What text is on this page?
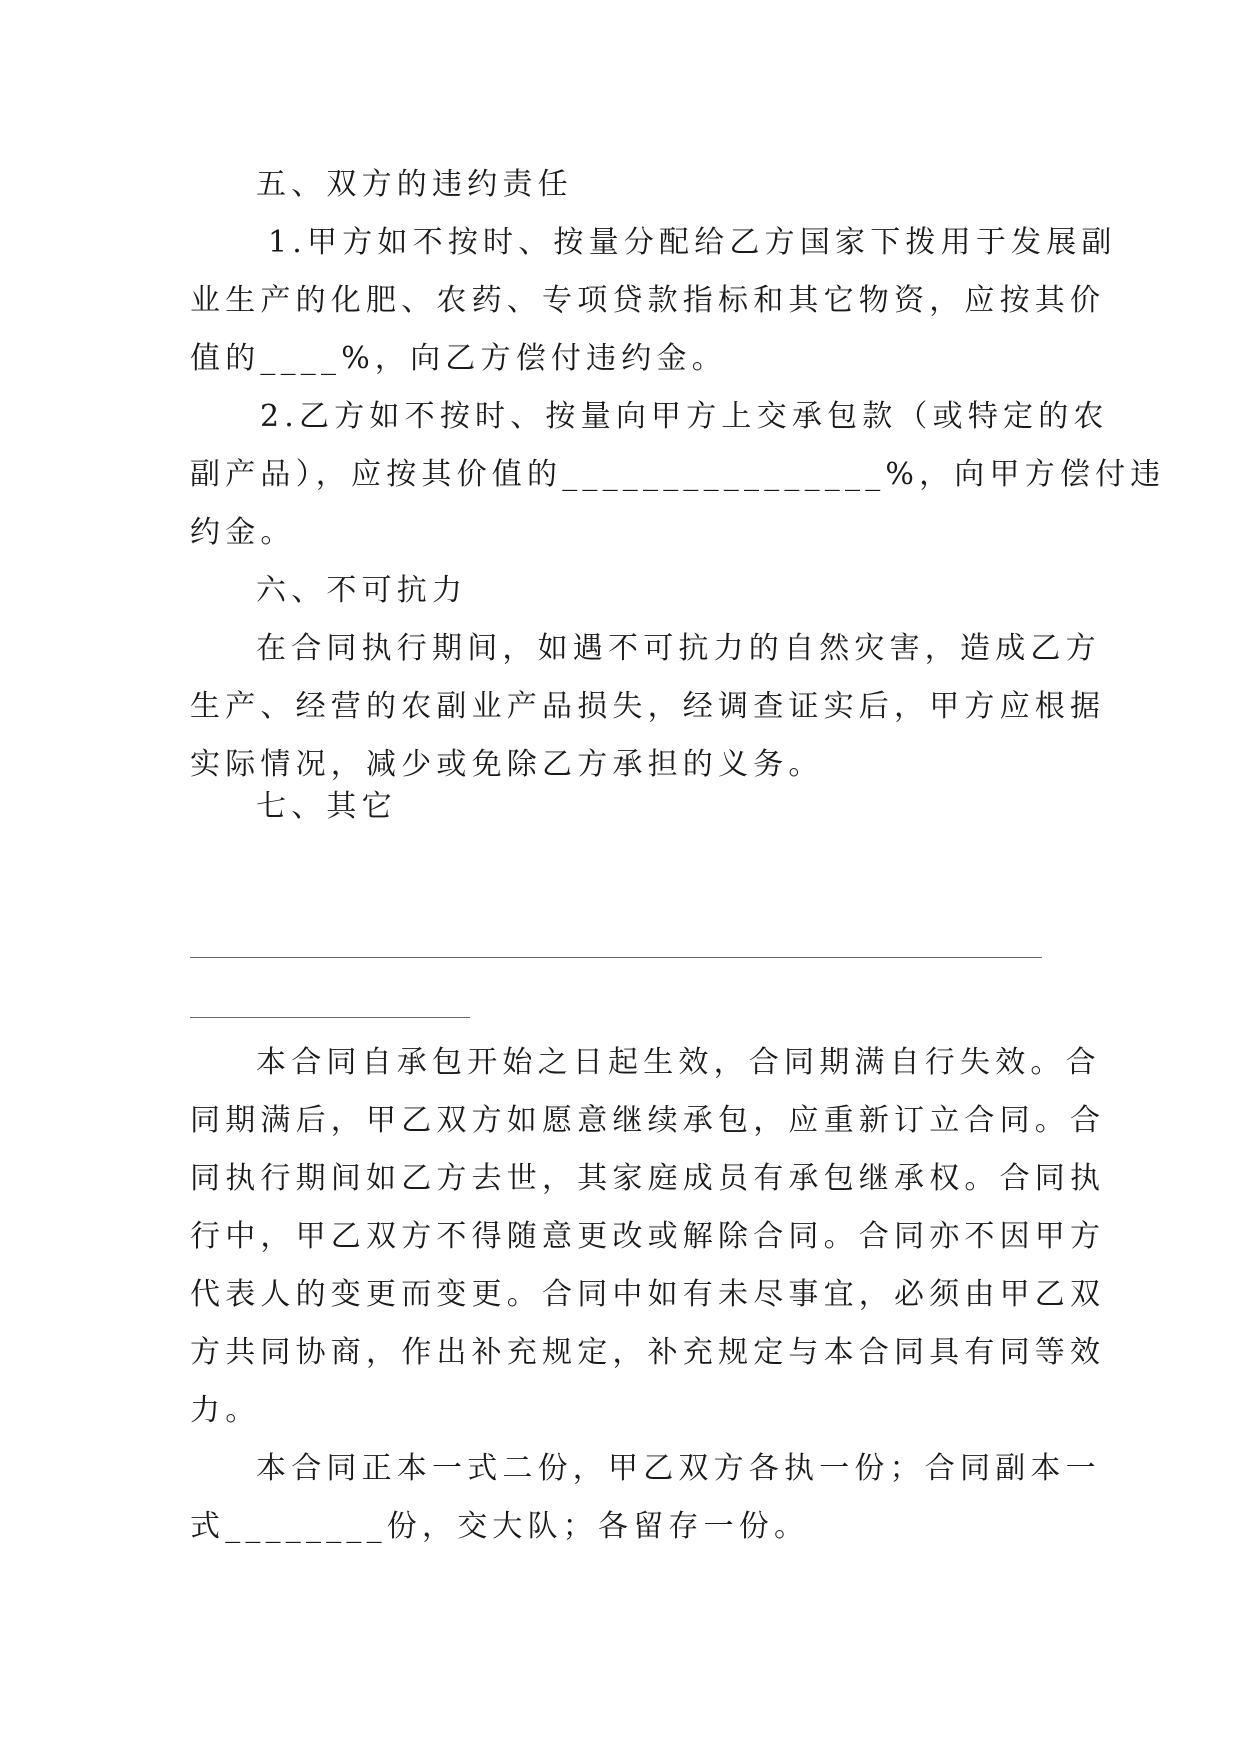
五、双方的违约责任

1.甲方如不按时、按量分配给乙方国家下拨用于发展副
业生产的化肥、农药、专项贷款指标和其它物资，应按其价
值的____%，向乙方偿付违约金。
2.乙方如不按时、按量向甲方上交承包款（或特定的农
副产品），应按其价值的________________%，向甲方偿付违
约金。

六、不可抗力

在合同执行期间，如遇不可抗力的自然灾害，造成乙方
生产、经营的农副业产品损失，经调查证实后，甲方应根据
实际情况，减少或免除乙方承担的义务。

七、其它

本合同自承包开始之日起生效，合同期满自行失效。合
同期满后，甲乙双方如愿意继续承包，应重新订立合同。合
同执行期间如乙方去世，其家庭成员有承包继承权。合同执
行中，甲乙双方不得随意更改或解除合同。合同亦不因甲方
代表人的变更而变更。合同中如有未尽事宜，必须由甲乙双
方共同协商，作出补充规定，补充规定与本合同具有同等效
力。
本合同正本一式二份，甲乙双方各执一份；合同副本一
式________份，交大队；各留存一份。
